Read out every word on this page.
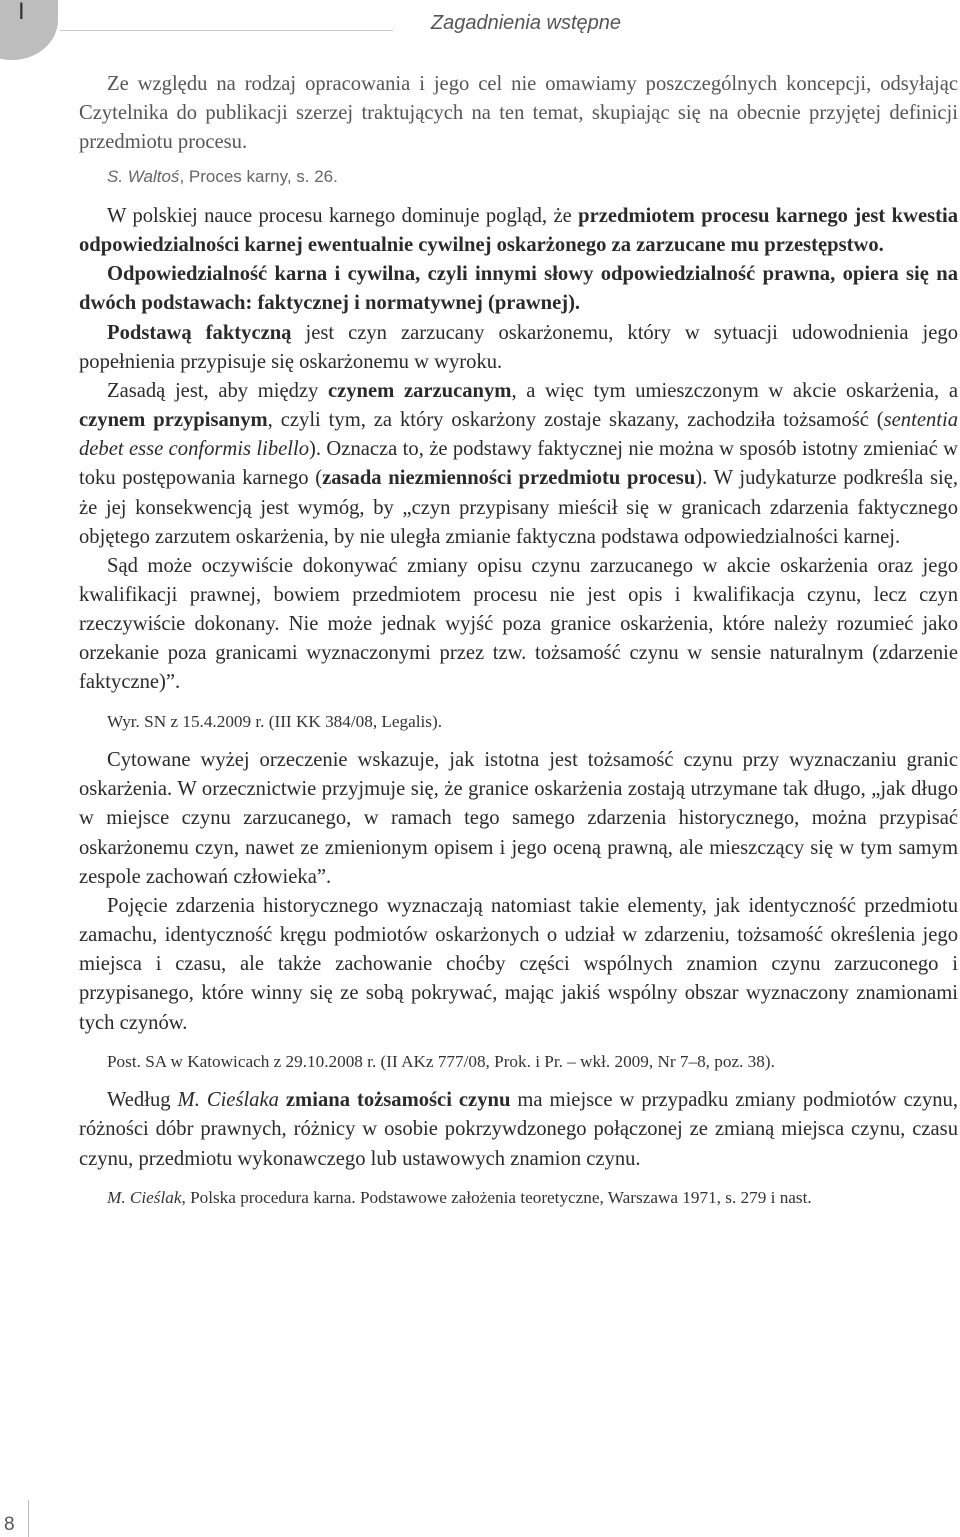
I	Zagadnienia wstępne

Ze względu na rodzaj opracowania i jego cel nie omawiamy poszczególnych koncepcji, odsyłając Czytelnika do publikacji szerzej traktujących na ten temat, skupiając się na obecnie przyjętej definicji przedmiotu procesu.

S. Waltoś, Proces karny, s. 26.

W polskiej nauce procesu karnego dominuje pogląd, że przedmiotem procesu karnego jest kwestia odpowiedzialności karnej ewentualnie cywilnej oskarżonego za zarzucane mu przestępstwo.

Odpowiedzialność karna i cywilna, czyli innymi słowy odpowiedzialność prawna, opiera się na dwóch podstawach: faktycznej i normatywnej (prawnej).

Podstawą faktyczną jest czyn zarzucany oskarżonemu, który w sytuacji udowodnienia jego popełnienia przypisuje się oskarżonemu w wyroku.

Zasadą jest, aby między czynem zarzucanym, a więc tym umieszczonym w akcie oskarżenia, a czynem przypisanym, czyli tym, za który oskarżony zostaje skazany, zachodziła tożsamość (sententia debet esse conformis libello). Oznacza to, że podstawy faktycznej nie można w sposób istotny zmieniać w toku postępowania karnego (zasada niezmienności przedmiotu procesu). W judykaturze podkreśla się, że jej konsekwencją jest wymóg, by „czyn przypisany mieścił się w granicach zdarzenia faktycznego objętego zarzutem oskarżenia, by nie uległa zmianie faktyczna podstawa odpowiedzialności karnej.

Sąd może oczywiście dokonywać zmiany opisu czynu zarzucanego w akcie oskarżenia oraz jego kwalifikacji prawnej, bowiem przedmiotem procesu nie jest opis i kwalifikacja czynu, lecz czyn rzeczywiście dokonany. Nie może jednak wyjść poza granice oskarżenia, które należy rozumieć jako orzekanie poza granicami wyznaczonymi przez tzw. tożsamość czynu w sensie naturalnym (zdarzenie faktyczne)”.

Wyr. SN z 15.4.2009 r. (III KK 384/08, Legalis).

Cytowane wyżej orzeczenie wskazuje, jak istotna jest tożsamość czynu przy wyznaczaniu granic oskarżenia. W orzecznictwie przyjmuje się, że granice oskarżenia zostają utrzymane tak długo, „jak długo w miejsce czynu zarzucanego, w ramach tego samego zdarzenia historycznego, można przypisać oskarżonemu czyn, nawet ze zmienionym opisem i jego oceną prawną, ale mieszczący się w tym samym zespole zachowań człowieka”.

Pojęcie zdarzenia historycznego wyznaczają natomiast takie elementy, jak identyczność przedmiotu zamachu, identyczność kręgu podmiotów oskarżonych o udział w zdarzeniu, tożsamość określenia jego miejsca i czasu, ale także zachowanie choćby części wspólnych znamion czynu zarzuconego i przypisanego, które winny się ze sobą pokrywać, mając jakiś wspólny obszar wyznaczony znamionami tych czynów.

Post. SA w Katowicach z 29.10.2008 r. (II AKz 777/08, Prok. i Pr. – wkł. 2009, Nr 7–8, poz. 38).

Według M. Cieślaka zmiana tożsamości czynu ma miejsce w przypadku zmiany podmiotów czynu, różności dóbr prawnych, różnicy w osobie pokrzywdzonego połączonej ze zmianą miejsca czynu, czasu czynu, przedmiotu wykonawczego lub ustawowych znamion czynu.

M. Cieślak, Polska procedura karna. Podstawowe założenia teoretyczne, Warszawa 1971, s. 279 i nast.

8
